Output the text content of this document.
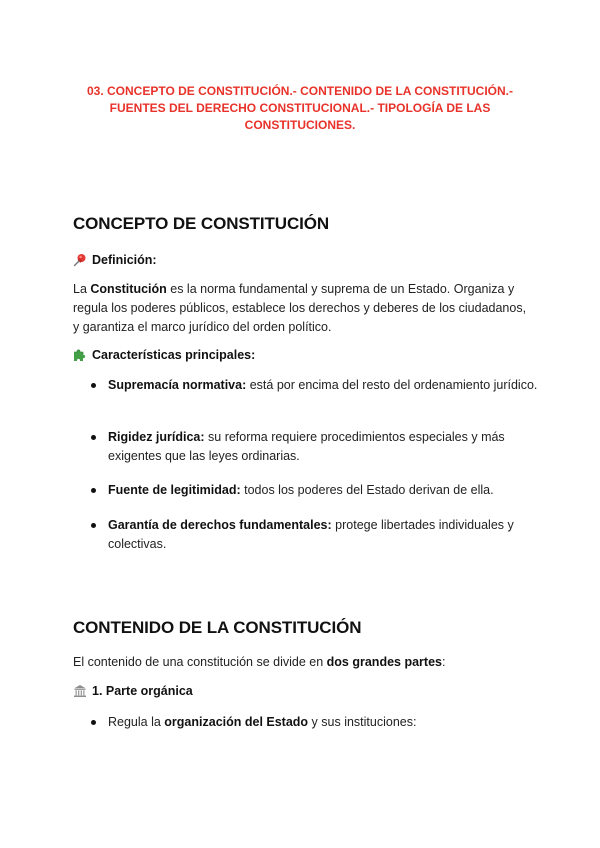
03. CONCEPTO DE CONSTITUCIÓN.- CONTENIDO DE LA CONSTITUCIÓN.-
FUENTES DEL DERECHO CONSTITUCIONAL.- TIPOLOGÍA DE LAS
CONSTITUCIONES.
CONCEPTO DE CONSTITUCIÓN
Definición:
La Constitución es la norma fundamental y suprema de un Estado. Organiza y regula los poderes públicos, establece los derechos y deberes de los ciudadanos, y garantiza el marco jurídico del orden político.
Características principales:
Supremacía normativa: está por encima del resto del ordenamiento jurídico.
Rigidez jurídica: su reforma requiere procedimientos especiales y más exigentes que las leyes ordinarias.
Fuente de legitimidad: todos los poderes del Estado derivan de ella.
Garantía de derechos fundamentales: protege libertades individuales y colectivas.
CONTENIDO DE LA CONSTITUCIÓN
El contenido de una constitución se divide en dos grandes partes:
1. Parte orgánica
Regula la organización del Estado y sus instituciones:
